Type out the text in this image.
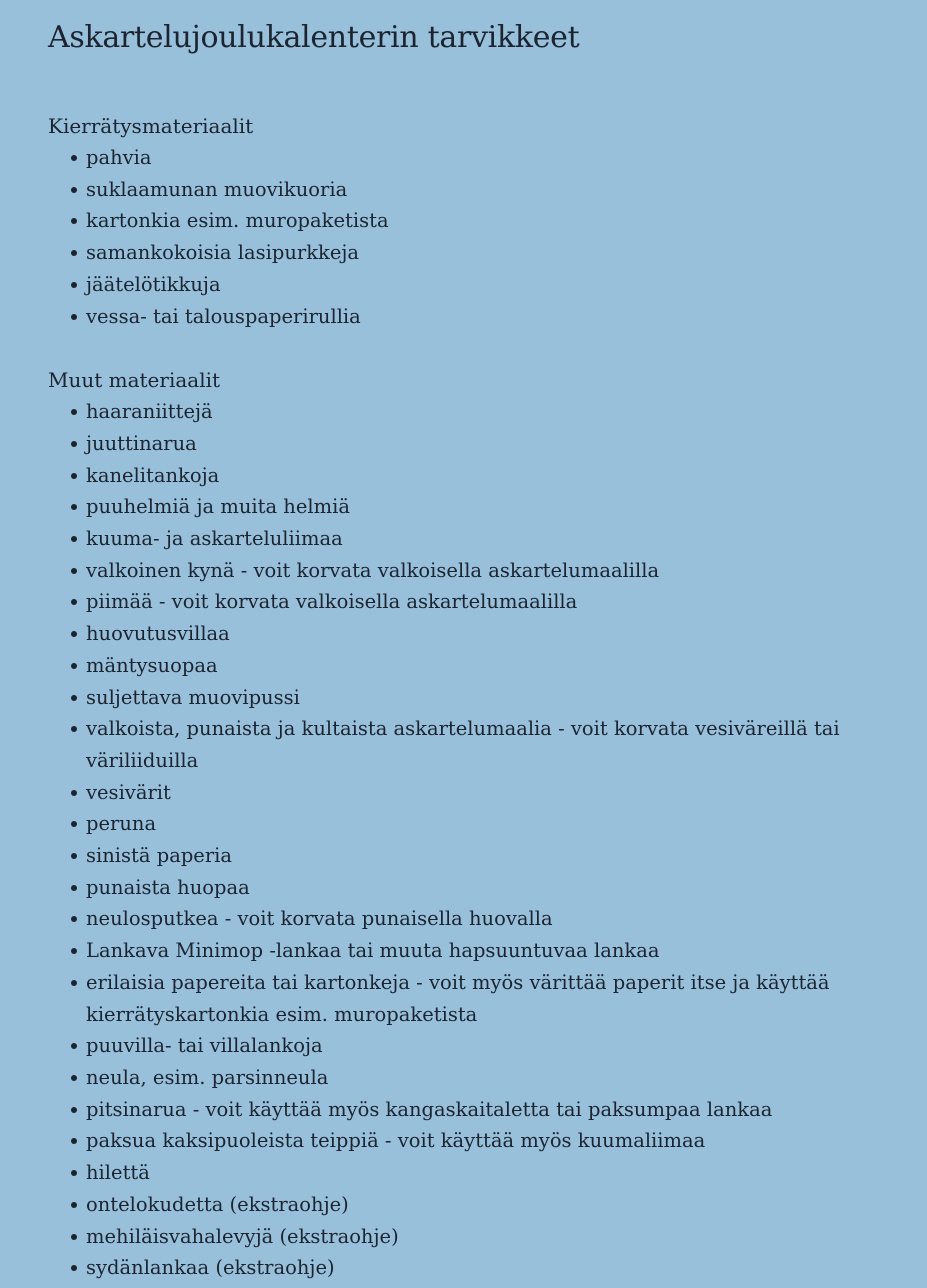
Askartelujoulukalenterin tarvikkeet

Kierrätysmateriaalit

pahvia
suklaamunan muovikuoria
kartonkia esim. muropaketista
samankokoisia lasipurkkeja
jäätelötikkuja
vessa- tai talouspaperirullia

Muut materiaalit

haaraniittejä
juuttinarua
kanelitankoja
puuhelmiä ja muita helmiä
kuuma- ja askarteluliimaa
valkoinen kynä - voit korvata valkoisella askartelumaalilla
piimää - voit korvata valkoisella askartelumaalilla
huovutusvillaa
mäntysuopaa
suljettava muovipussi
valkoista, punaista ja kultaista askartelumaalia - voit korvata vesiväreillä tai väriliiduilla
vesivärit
peruna
sinistä paperia
punaista huopaa
neulosputkea - voit korvata punaisella huovalla
Lankava Minimop -lankaa tai muuta hapsuuntuvaa lankaa
erilaisia papereita tai kartonkeja - voit myös värittää paperit itse ja käyttää kierrätyskartonkia esim. muropaketista
puuvilla- tai villalankoja
neula, esim. parsinneula
pitsinarua - voit käyttää myös kangaskaitaletta tai paksumpaa lankaa
paksua kaksipuoleista teippiä - voit käyttää myös kuumaliimaa
hilettä
ontelokudetta (ekstraohje)
mehiläisvahalevyjä (ekstraohje)
sydänlankaa (ekstraohje)
